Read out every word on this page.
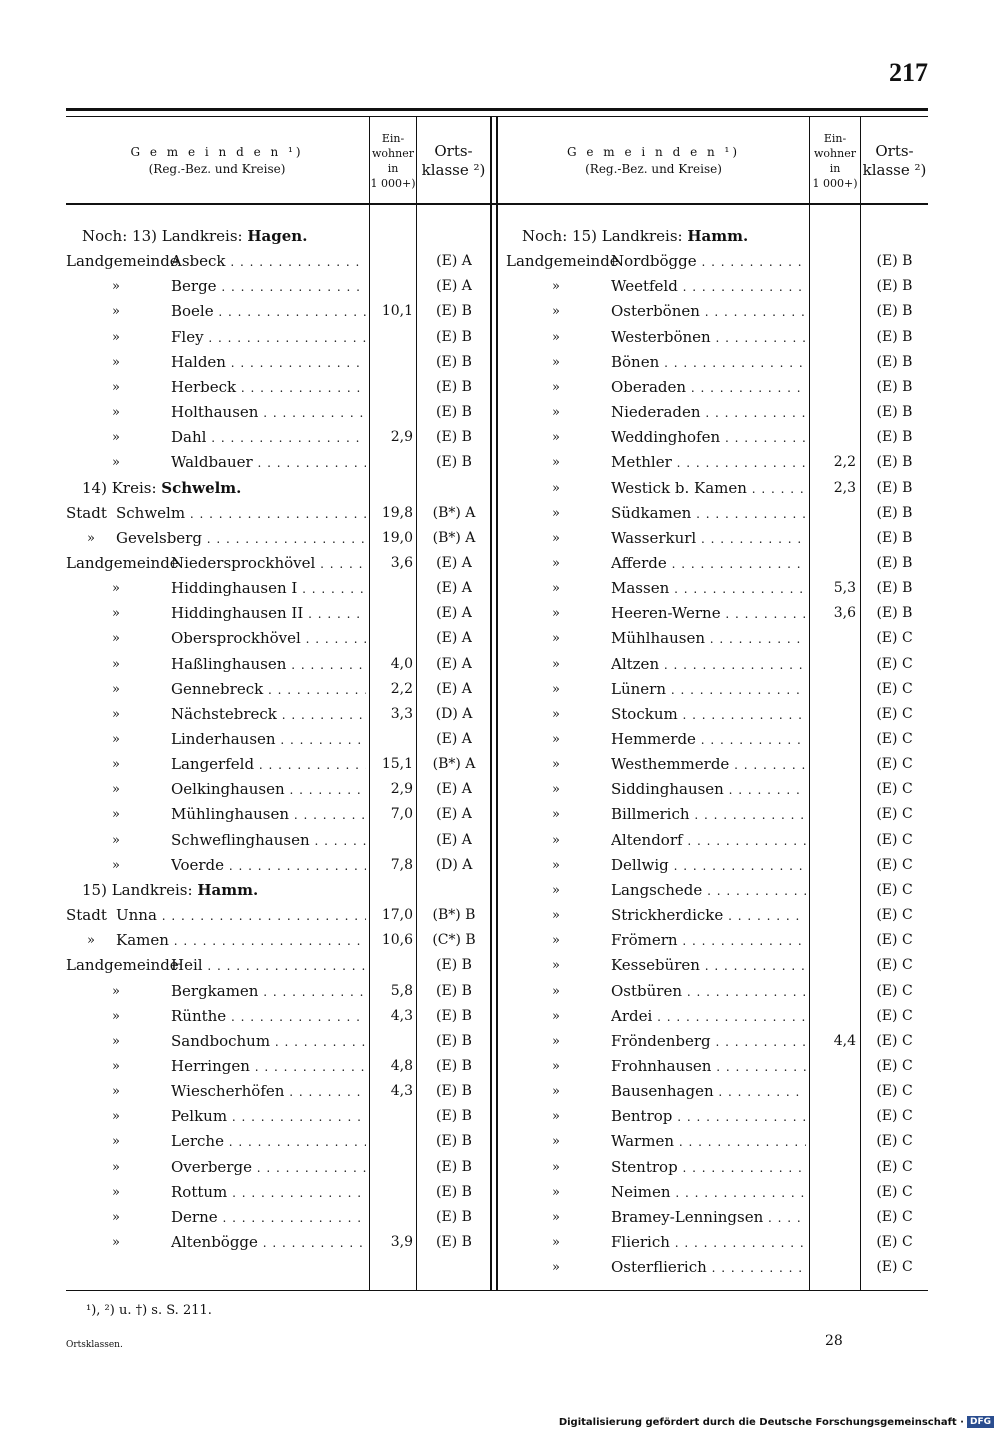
217
G e m e i n d e n ¹)
(Reg.-Bez. und Kreise)
Ein-
wohner
in
1 000+)
Orts-
klasse ²)
G e m e i n d e n ¹)
(Reg.-Bez. und Kreise)
Ein-
wohner
in
1 000+)
Orts-
klasse ²)
Noch: 13) Landkreis: Hagen.
Landgemeinde
Asbeck . . .	(E) A
»	Berge . . .	(E) A
»	Boele . . .	10,1	(E) B
»	Fley . . .	(E) B
»	Halden . . .	(E) B
»	Herbeck . . .	(E) B
»	Holthausen . . .	(E) B
»	Dahl . . .	2,9	(E) B
»	Waldbauer . . .	(E) B
14) Kreis: Schwelm.
Stadt Schwelm . . .	19,8	(B*) A
»	Gevelsberg . . .	19,0	(B*) A
Landgemeinde
Niedersprockhövel . . .	3,6	(E) A
»	Hiddinghausen I . . .	(E) A
»	Hiddinghausen II . . .	(E) A
»	Obersprockhövel . . .	(E) A
»	Haßlinghausen . . .	4,0	(E) A
»	Gennebreck . . .	2,2	(E) A
»	Nächstebreck . . .	3,3	(D) A
»	Linderhausen . . .	(E) A
»	Langerfeld . . .	15,1	(B*) A
»	Oelkinghausen . . .	2,9	(E) A
»	Mühlinghausen . . .	7,0	(E) A
»	Schweflinghausen . . .	(E) A
»	Voerde . . .	7,8	(D) A
15) Landkreis: Hamm.
Stadt Unna . . .	17,0	(B*) B
»	Kamen . . .	10,6	(C*) B
Landgemeinde
Heil . . .	(E) B
»	Bergkamen . . .	5,8	(E) B
»	Rünthe . . .	4,3	(E) B
»	Sandbochum . . .	(E) B
»	Herringen . . .	4,8	(E) B
»	Wiescherhöfen . . .	4,3	(E) B
»	Pelkum . . .	(E) B
»	Lerche . . .	(E) B
»	Overberge . . .	(E) B
»	Rottum . . .	(E) B
»	Derne . . .	(E) B
»	Altenbögge . . .	3,9	(E) B
Noch: 15) Landkreis: Hamm.
Landgemeinde
Nordbögge . . .	(E) B
»	Weetfeld . . .	(E) B
»	Osterbönen . . .	(E) B
»	Westerbönen . . .	(E) B
»	Bönen . . .	(E) B
»	Oberaden . . .	(E) B
»	Niederaden . . .	(E) B
»	Weddinghofen . . .	(E) B
»	Methler . . .	2,2	(E) B
»	Westick b. Kamen . . .	2,3	(E) B
»	Südkamen . . .	(E) B
»	Wasserkurl . . .	(E) B
»	Afferde . . .	(E) B
»	Massen . . .	5,3	(E) B
»	Heeren-Werne . . .	3,6	(E) B
»	Mühlhausen . . .	(E) C
»	Altzen . . .	(E) C
»	Lünern . . .	(E) C
»	Stockum . . .	(E) C
»	Hemmerde . . .	(E) C
»	Westhemmerde . . .	(E) C
»	Siddinghausen . . .	(E) C
»	Billmerich . . .	(E) C
»	Altendorf . . .	(E) C
»	Dellwig . . .	(E) C
»	Langschede . . .	(E) C
»	Strickherdicke . . .	(E) C
»	Frömern . . .	(E) C
»	Kessebüren . . .	(E) C
»	Ostbüren . . .	(E) C
»	Ardei . . .	(E) C
»	Fröndenberg . . .	4,4	(E) C
»	Frohnhausen . . .	(E) C
»	Bausenhagen . . .	(E) C
»	Bentrop . . .	(E) C
»	Warmen . . .	(E) C
»	Stentrop . . .	(E) C
»	Neimen . . .	(E) C
»	Bramey-Lenningsen . . .	(E) C
»	Flierich . . .	(E) C
»	Osterflierich . . .	(E) C
¹), ²) u. †) s. S. 211.
Ortsklassen.	28
Digitalisierung gefördert durch die Deutsche Forschungsgemeinschaft · DFG
